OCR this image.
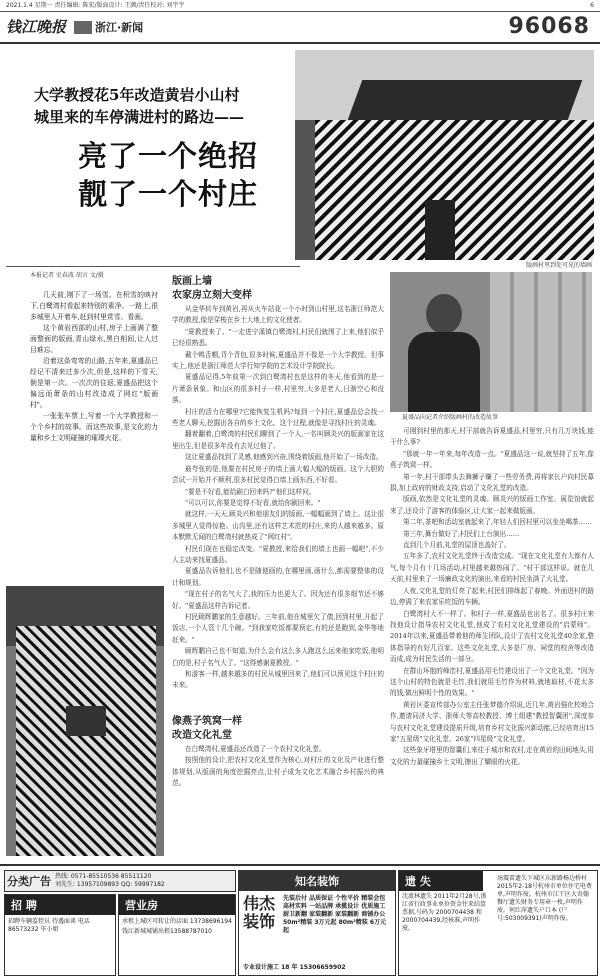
2021.1.4 星期一 责任编辑: 陈宏/版面设计: 王颜/责任校对: 刘宇宇	6
钱江晚报	浙江·新闻	96068
版画村里到处可见的墙画
大学教授花5年改造黄岩小山村
城里来的车停满进村的路边——
亮了一个绝招
靓了一个村庄
本报记者 史春波 胡言 文/摄

几天前,刚下了一场雪。在积雪的映衬下,白鹭湾村看起来特别的素净。一路上,很多城里人开着车,赶到村里赏雪、看画。

这个黄岩西部的山村,房子上画满了整面整面的版画,青山绿水,黑白相间,让人过目难忘。

沿着这条弯弯的山路,五年来,夏盛品已经记不清来过多少次,但是,这样的下雪天,倒是第一次。一次次的往返,夏盛品把这个偏远而萧条的山村改造成了网红"版画村"。

一张张车票上,写着一个大学教授和一个个乡村的故事。而这些故事,是文化的力量和乡土文明碰撞的璀璨火花。

版画上墙
农家房立刻大变样

从金华转车到黄岩,再从火车站花一个小时到山村里,这名浙江师范大学的教授,像是穿梭在乡土大地上的文化使者。

"夏教授来了。"一走进宁溪镇白鹭湾村,村民们就围了上来,他们似乎已经很熟悉。

戴个鸭舌帽,背个背包,很多时候,夏盛品并不像是一个大学教授。但事实上,他还是浙江师范大学行知学院的艺术设计学院院长。

夏盛品记得,5年前第一次到白鹭湾村也是这样的冬天,他看到的是一片萧条景象。和山区的很多村子一样,村里穷,大多是老人,日渐空心和没落。

村庄的活力在哪里?它能恢复生机吗?每到一个村庄,夏盛品总会找一些老人聊天,挖掘出各自的乡土文化。这个过程,就像是寻找村庄的灵魂。

翻着翻着,白鹭湾的村民们聊到了一个人,一名叫顾炎兴的版画家在这里出生,但是很多年没有去见过他了。

这让夏盛品找到了灵感,他感到兴奋,围绕着版画,他开始了一场改造。

最夸张的是,他要在村民房子的墙上画大幅大幅的版画。这个大胆的尝试一开始并不顺利,很多村民觉得白墙上画东西,不好看。

"要是不好看,能给刷白回来吗?"他们这样问。

"可以可以,你要是觉得不好看,就给你刷回来。"

就这样,一天天,顾炎兴和他朋友们的版画,一幅幅画到了墙上。这让很多城里人觉得惊艳。山沟里,还有这样艺术范的村庄,来的人越来越多。原本默默无闻的白鹭湾村就热成了"网红村"。

村民们现在也稳定改变。"夏教授,来给我们的墙上也画一幅吧",不少人主动来找夏盛品。

夏盛品告诉他们,也不是随便画的,在哪里画,画什么,都需要整体的设计和规划。

"现在村子的名气大了,我的压力也更大了。因为还有很多细节还不够好。"夏盛品这样告诉记者。

村民顾辉鹏家的生意越好。三年前,他在城里欠了债,回到村里,开起了饭店,一个人管十几个碗。"到我家吃饭都要预定,有的还是跑到,金华等地赶来。"

顾辉鹏自己也不知道,为什么会有这么多人跑这么远来他家吃饭,他明白的是,村子名气大了。"这得感谢夏教授。"

和游客一样,越来越多的村民从城里回来了,他们可以预见这个村庄的未来。

像燕子筑窝一样
改造文化礼堂

在白鹭湾村,夏盛品还改造了一个农村文化礼堂。

按照他的设计,把农村文化礼堂作为核心,对村庄的文化及产业进行整体规划,从版画的角度挖掘亮点,让村子成为文化艺术融合乡村振兴的典范。

夏盛品向记者介绍版画村的改造故事

可刚到村里的那天,村干部就告诉夏盛品,村里穷,只有几万块钱,能干什么事?

"那就一年一年来,每年改造一点。"夏盛品这一说,就坚持了五年,像燕子筑窝一样。

第一年,村干部带头去舞狮子赚了一些劳务费,再将家长户向村民募捐,加上政府的财政支持,启动了文化礼堂的改造。

版画,依然是文化礼堂的灵魂。顾炎兴的版画工作室、展览馆就起来了,还设计了游客的体验区,让大家一起来做版画。

第二年,茶吧和活动室就起来了,年轻人们回村里可以坐坐喝茶……

第三年,舞台做好了,村民们上台演出……

直到几个月前,礼堂的屋顶也盖好了。

五年多了,农村文化礼堂终于改造完成。"现在文化礼堂有大都有人气,每个月有十几场活动,村里越来越热闹了。"村干部这样说。就在几天前,村里来了一场廉政文化的演出,来看的村民坐满了大礼堂。

人夜,文化礼堂的灯亮了起来,村民们排练起了春晚。外面进村的路边,停满了来农家乐吃饭的车辆。

白鹭湾村大不一样了。和村子一样,夏盛品也出名了。很多村庄来找他设计指导农村文化礼堂,他成了农村文化礼堂建设的"启蒙师"。2014年以来,夏盛品带着他的师生团队,设计了农村文化礼堂40余家,整体指导的有好几百家。这些文化礼堂,大多是厂房、祠堂的校舍等改造而成,成为村民生活的一部分。

在群山环抱的峰峦村,夏盛品用毛竹建设出了一个文化礼堂。"因为这个山村的特色就是毛竹,我们就用毛竹作为材料,就地取材,不花太多的钱,做出鲜明个性的效果。"

黄岩区委宣传部办公室主任张梦德介绍说,近几年,黄岩强化校地合作,邀请同济大学、浙师大等高校教授、博士组建"教授智囊团",深度参与农村文化礼堂建设提质升级,培育乡村文化振兴新动能,已经培育出15家"五星级"文化礼堂、26家"四星级"文化礼堂。

这些象牙塔里的智囊们,来往于城市和农村,走在黄岩的田间地头,用文化的力量碰撞乡土文明,擦出了耀眼的火花。

分类广告 热线: 0571-85510536 85511120
刘先生: 13957109893 QQ: 59997182
招 聘
招聘车辆监控员 待遇面谈 电话86573232 毕小姐
营业房
承租上城区可转让的店面 13738696194
钱江新城城铺出租13588787010
知名装饰
伟杰装饰
先装后付 品质保证 个性平价 精装会包
高材实料 一站品牌 承揽设计 优质施工
厨卫新翻 家装翻新 家装翻新 商铺办公
50m²精装 3万元起 80m²精装 6万元起
专业设计施工 18 年 15306659902
遗 失
沈流林遗失 2011年2月28号,浙江省行政事业单位资金往来结算票据,号码为 2000704438 和 2000704439,经核准,声明作废。
汤震雷遗失下城区东新路杨边桥村 2015年2-18号杭州市单位住宅电费单,声明作废。杭州市江干区大奇翰餐厅遗失财务专用章一枚,声明作废。何红萍遗失户口本 (户号:503009391)声明作废。
